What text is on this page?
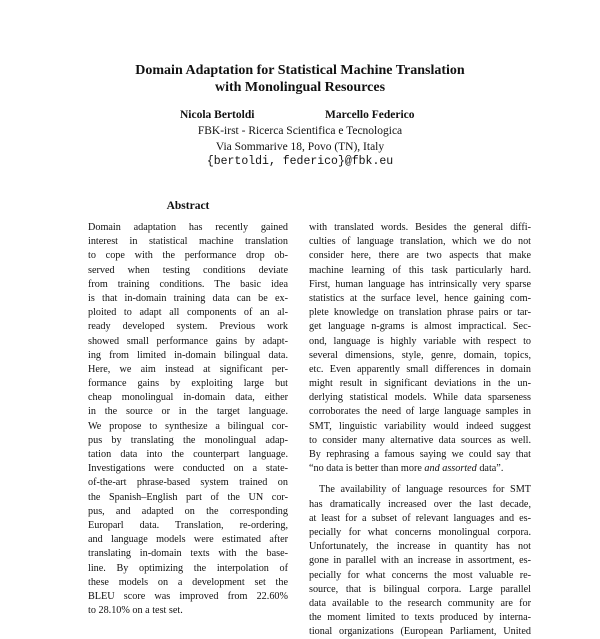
Domain Adaptation for Statistical Machine Translation
with Monolingual Resources
Nicola Bertoldi	Marcello Federico
FBK-irst - Ricerca Scientifica e Tecnologica
Via Sommarive 18, Povo (TN), Italy
{bertoldi, federico}@fbk.eu
Abstract
Domain adaptation has recently gained
interest in statistical machine translation
to cope with the performance drop ob-
served when testing conditions deviate
from training conditions. The basic idea
is that in-domain training data can be ex-
ploited to adapt all components of an al-
ready developed system. Previous work
showed small performance gains by adapt-
ing from limited in-domain bilingual data.
Here, we aim instead at significant per-
formance gains by exploiting large but
cheap monolingual in-domain data, either
in the source or in the target language.
We propose to synthesize a bilingual cor-
pus by translating the monolingual adap-
tation data into the counterpart language.
Investigations were conducted on a state-
of-the-art phrase-based system trained on
the Spanish–English part of the UN cor-
pus, and adapted on the corresponding
Europarl data. Translation, re-ordering,
and language models were estimated after
translating in-domain texts with the base-
line. By optimizing the interpolation of
these models on a development set the
BLEU score was improved from 22.60%
to 28.10% on a test set.
with translated words. Besides the general diffi-
culties of language translation, which we do not
consider here, there are two aspects that make
machine learning of this task particularly hard.
First, human language has intrinsically very sparse
statistics at the surface level, hence gaining com-
plete knowledge on translation phrase pairs or tar-
get language n-grams is almost impractical. Sec-
ond, language is highly variable with respect to
several dimensions, style, genre, domain, topics,
etc. Even apparently small differences in domain
might result in significant deviations in the un-
derlying statistical models. While data sparseness
corroborates the need of large language samples in
SMT, linguistic variability would indeed suggest
to consider many alternative data sources as well.
By rephrasing a famous saying we could say that
“no data is better than more and assorted data”.
The availability of language resources for SMT
has dramatically increased over the last decade,
at least for a subset of relevant languages and es-
pecially for what concerns monolingual corpora.
Unfortunately, the increase in quantity has not
gone in parallel with an increase in assortment, es-
pecially for what concerns the most valuable re-
source, that is bilingual corpora. Large parallel
data available to the research community are for
the moment limited to texts produced by interna-
tional organizations (European Parliament, United
